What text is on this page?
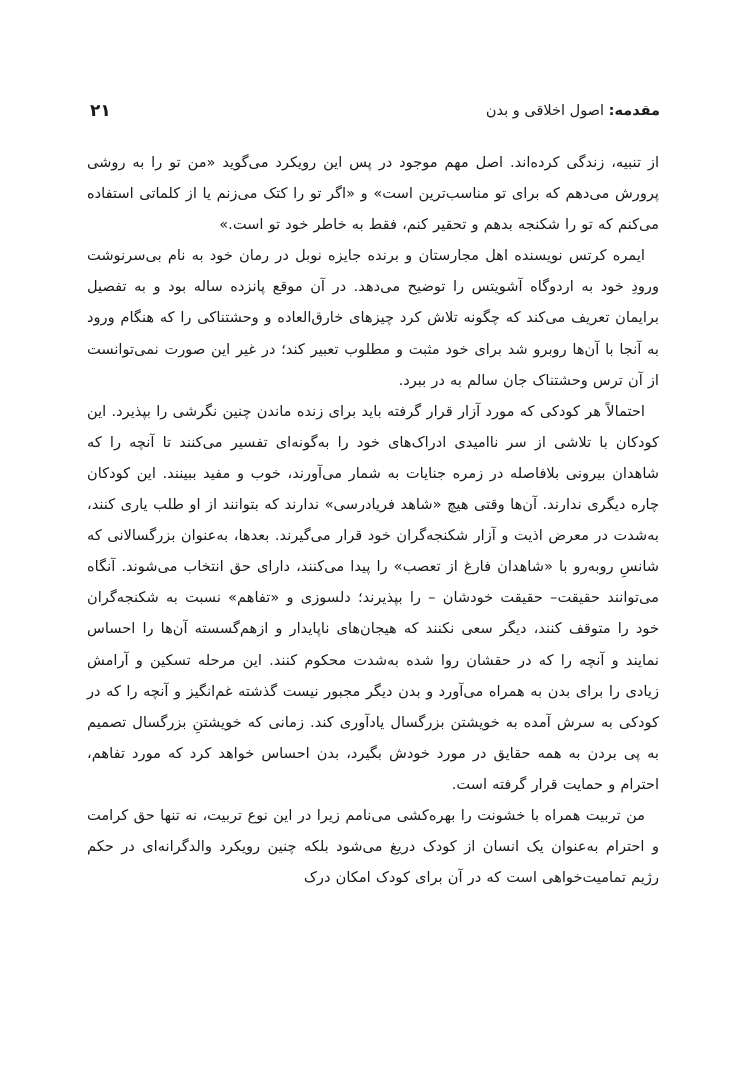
مقدمه: اصول اخلاقی و بدن
۲۱

از تنبیه، زندگی کرده‌اند. اصل مهم موجود در پس این رویکرد می‌گوید «من تو را به روشی پرورش می‌دهم که برای تو مناسب‌ترین است» و «اگر تو را کتک می‌زنم یا از کلماتی استفاده می‌کنم که تو را شکنجه بدهم و تحقیر کنم، فقط به خاطر خود تو است.»

ایمره کرتس نویسنده اهل مجارستان و برنده جایزه نوبل در رمان خود به نام بی‌سرنوشت ورودِ خود به اردوگاه آشویتس را توضیح می‌دهد. در آن موقع پانزده ساله بود و به تفصیل برایمان تعریف می‌کند که چگونه تلاش کرد چیزهای خارق‌العاده و وحشتناکی را که هنگام ورود به آنجا با آن‌ها روبرو شد برای خود مثبت و مطلوب تعبیر کند؛ در غیر این صورت نمی‌توانست از آن ترس وحشتناک جان سالم به در ببرد.

احتمالاً هر کودکی که مورد آزار قرار گرفته باید برای زنده ماندن چنین نگرشی را بپذیرد. این کودکان با تلاشی از سر ناامیدی ادراک‌های خود را به‌گونه‌ای تفسیر می‌کنند تا آنچه را که شاهدان بیرونی بلافاصله در زمره جنایات به شمار می‌آورند، خوب و مفید ببینند. این کودکان چاره دیگری ندارند. آن‌ها وقتی هیچ «شاهد فریادرسی» ندارند که بتوانند از او طلب یاری کنند، به‌شدت در معرض اذیت و آزار شکنجه‌گران خود قرار می‌گیرند. بعدها، به‌عنوان بزرگسالانی که شانسِ روبه‌رو با «شاهدان فارغ از تعصب» را پیدا می‌کنند، دارای حق انتخاب می‌شوند. آنگاه می‌توانند حقیقت– حقیقت خودشان – را بپذیرند؛ دلسوزی و «تفاهم» نسبت به شکنجه‌گران خود را متوقف کنند، دیگر سعی نکنند که هیجان‌های ناپایدار و ازهم‌گسسته آن‌ها را احساس نمایند و آنچه را که در حقشان روا شده به‌شدت محکوم کنند. این مرحله تسکین و آرامش زیادی را برای بدن به همراه می‌آورد و بدن دیگر مجبور نیست گذشته غم‌انگیز و آنچه را که در کودکی به سرش آمده به خویشتن بزرگسال یادآوری کند. زمانی که خویشتنِ بزرگسال تصمیم به پی بردن به همه حقایق در مورد خودش بگیرد، بدن احساس خواهد کرد که مورد تفاهم، احترام و حمایت قرار گرفته است.

من تربیت همراه با خشونت را بهره‌کشی می‌نامم زیرا در این نوع تربیت، نه تنها حق کرامت و احترام به‌عنوان یک انسان از کودک دریغ می‌شود بلکه چنین رویکرد والدگرانه‌ای در حکم رژیم تمامیت‌خواهی است که در آن برای کودک امکان درک
